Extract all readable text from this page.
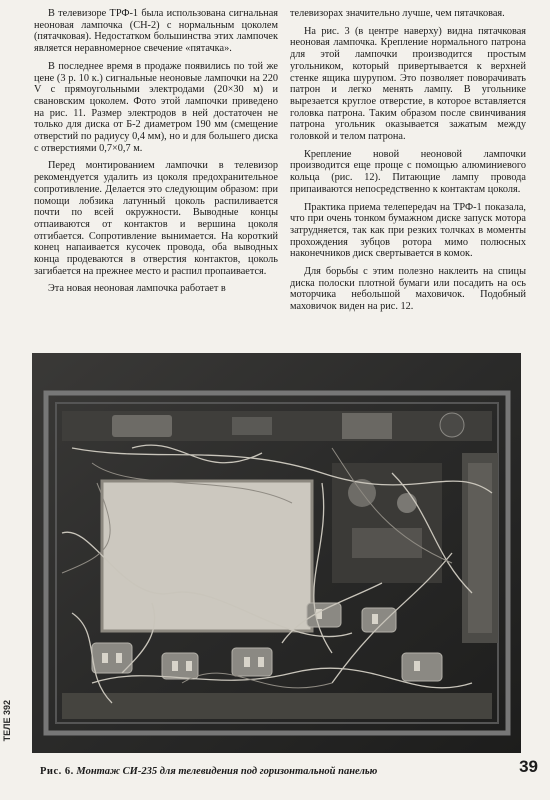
В телевизоре ТРФ-1 была использована сигнальная неоновая лампочка (СН-2) с нормальным цоколем (пятачковая). Недостатком большинства этих лампочек является неравномерное свечение «пятачка».

В последнее время в продаже появились по той же цене (3 р. 10 к.) сигнальные неоновые лампочки на 220 V с прямоугольными электродами (20×30 м) и свановским цоколем. Фото этой лампочки приведено на рис. 11. Размер электродов в ней достаточен не только для диска от Б-2 диаметром 190 мм (смещение отверстий по радиусу 0,4 мм), но и для большего диска с отверстиями 0,7×0,7 м.

Перед монтированием лампочки в телевизор рекомендуется удалить из цоколя предохранительное сопротивление. Делается это следующим образом: при помощи лобзика латунный цоколь распиливается почти по всей окружности. Выводные концы отпаиваются от контактов и вершина цоколя отгибается. Сопротивление вынимается. На короткий конец напаивается кусочек провода, оба выводных конца продеваются в отверстия контактов, цоколь загибается на прежнее место и распил пропаивается.

Эта новая неоновая лампочка работает в

телевизорах значительно лучше, чем пятачковая.

На рис. 3 (в центре наверху) видна пятачковая неоновая лампочка. Крепление нормального патрона для этой лампочки производится простым угольником, который привертывается к верхней стенке ящика шурупом. Это позволяет поворачивать патрон и легко менять лампу. В угольнике вырезается круглое отверстие, в которое вставляется головка патрона. Таким образом после свинчивания патрона угольник оказывается зажатым между головкой и телом патрона.

Крепление новой неоновой лампочки производится еще проще с помощью алюминиевого кольца (рис. 12). Питающие лампу провода припаиваются непосредственно к контактам цоколя.

Практика приема телепередач на ТРФ-1 показала, что при очень тонком бумажном диске запуск мотора затрудняется, так как при резких толчках в моменты прохождения зубцов ротора мимо полюсных наконечников диск свертывается в комок.

Для борьбы с этим полезно наклеить на спицы диска полоски плотной бумаги или посадить на ось моторчика небольшой маховичок. Подобный маховичок виден на рис. 12.

ТЕЛЕ 392
Рис. 6. Монтаж СИ-235 для телевидения под горизонтальной панелью	39
